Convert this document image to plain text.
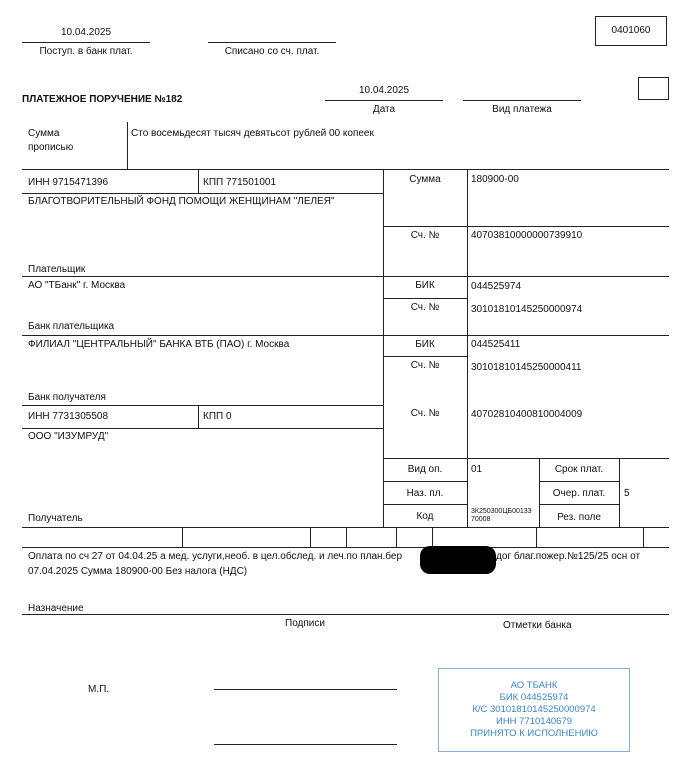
0401060
10.04.2025
Поступ. в банк плат.	Списано со сч. плат.
ПЛАТЕЖНОЕ ПОРУЧЕНИЕ №182
10.04.2025
Дата	Вид платежа
Сумма
прописью
Сто восемьдесят тысяч девятьсот рублей 00 копеек
ИНН 9715471396	КПП 771501001
БЛАГОТВОРИТЕЛЬНЫЙ ФОНД ПОМОЩИ ЖЕНЩИНАМ "ЛЕЛЕЯ"
Плательщик
Сумма	180900-00
Сч. №	40703810000000739910
АО "ТБанк" г. Москва
Банк плательщика
БИК	044525974
Сч. №	30101810145250000974
ФИЛИАЛ "ЦЕНТРАЛЬНЫЙ" БАНКА ВТБ (ПАО) г. Москва
Банк получателя
БИК	044525411
Сч. №	30101810145250000411
ИНН 7731305508	КПП 0
ООО "ИЗУМРУД"
Получатель
Сч. №	40702810400810004009
Вид оп.	01
Наз. пл.
Код	3К250300ЦБ00133
70008
Срок плат.
Очер. плат.	5
Рез. поле
Оплата по сч 27 от 04.04.25 а мед. услуги,необ. в цел.обслед. и леч.по план.бер	дог благ.пожер.№125/25 осн от
07.04.2025 Сумма 180900-00 Без налога (НДС)
Назначение
Подписи	Отметки банка
М.П.	АО ТБАНК
БИК 044525974
К/С 30101810145250000974
ИНН 7710140679
ПРИНЯТО К ИСПОЛНЕНИЮ
